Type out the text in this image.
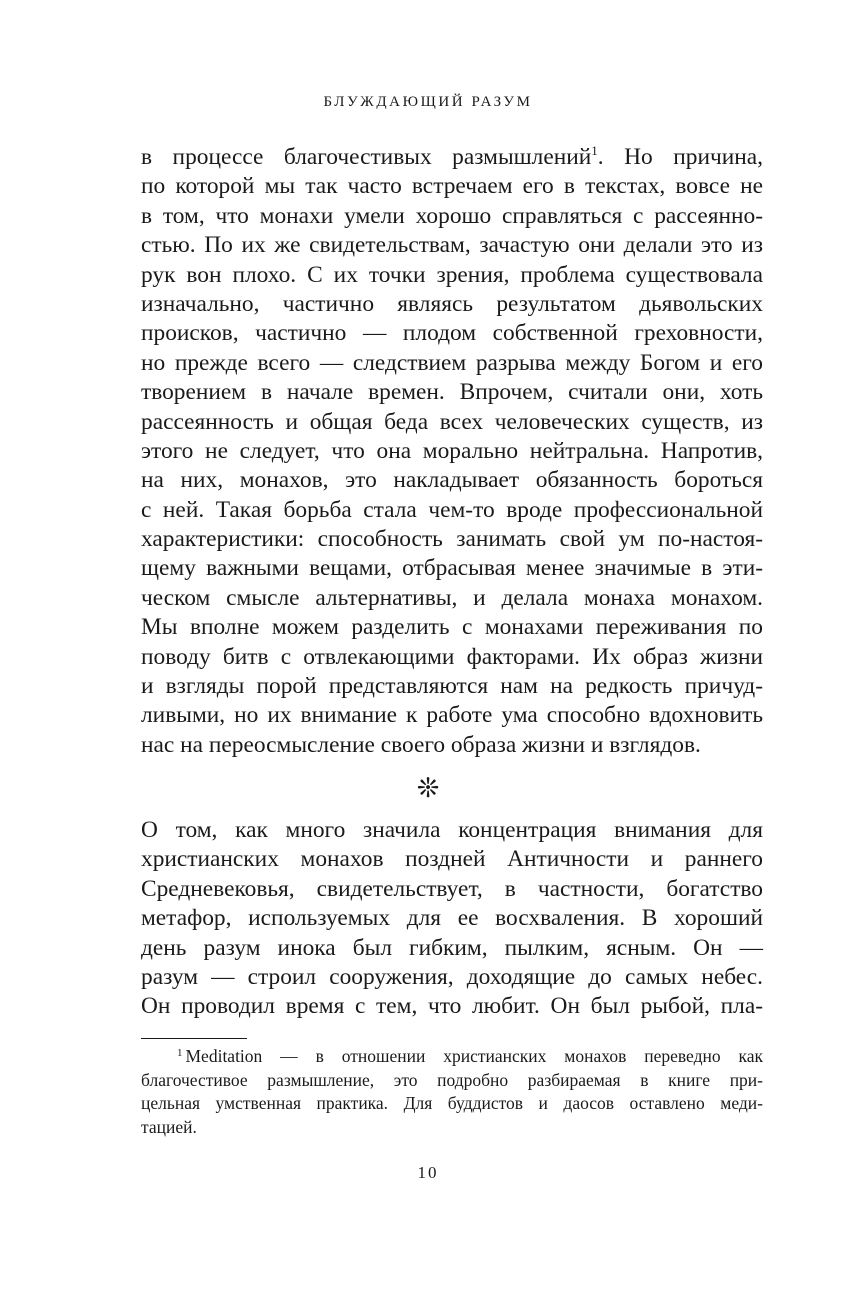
БЛУЖДАЮЩИЙ РАЗУМ
в процессе благочестивых размышлений$^1$. Но причина,
по которой мы так часто встречаем его в текстах, вовсе не
в том, что монахи умели хорошо справляться с рассеянно-
стью. По их же свидетельствам, зачастую они делали это из
рук вон плохо. С их точки зрения, проблема существовала
изначально, частично являясь результатом дьявольских
происков, частично — плодом собственной греховности,
но прежде всего — следствием разрыва между Богом и его
творением в начале времен. Впрочем, считали они, хоть
рассеянность и общая беда всех человеческих существ, из
этого не следует, что она морально нейтральна. Напротив,
на них, монахов, это накладывает обязанность бороться
с ней. Такая борьба стала чем-то вроде профессиональной
характеристики: способность занимать свой ум по-настоя-
щему важными вещами, отбрасывая менее значимые в эти-
ческом смысле альтернативы, и делала монаха монахом.
Мы вполне можем разделить с монахами переживания по
поводу битв с отвлекающими факторами. Их образ жизни
и взгляды порой представляются нам на редкость причуд-
ливыми, но их внимание к работе ума способно вдохновить
нас на переосмысление своего образа жизни и взглядов.
❊
О том, как много значила концентрация внимания для
христианских монахов поздней Античности и раннего
Средневековья, свидетельствует, в частности, богатство
метафор, используемых для ее восхваления. В хороший
день разум инока был гибким, пылким, ясным. Он —
разум — строил сооружения, доходящие до самых небес.
Он проводил время с тем, что любит. Он был рыбой, пла-
$^1$ Meditation — в отношении христианских монахов переведно как
благочестивое размышление, это подробно разбираемая в книге при-
цельная умственная практика. Для буддистов и даосов оставлено меди-
тацией.
10
